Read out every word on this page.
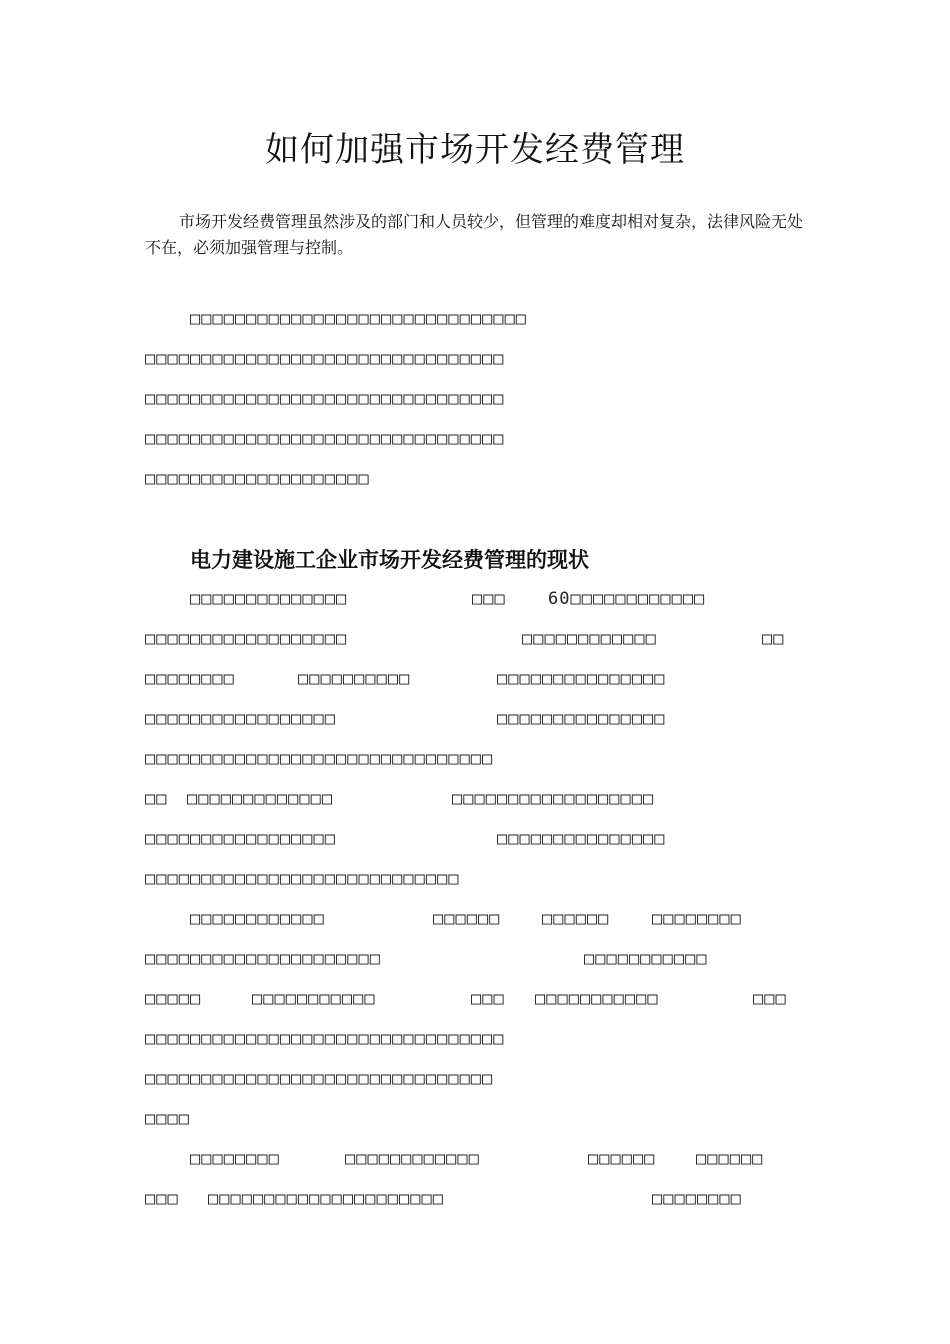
如何加强市场开发经费管理

市场开发经费管理虽然涉及的部门和人员较少，但管理的难度却相对复杂，法律风险无处不在，必须加强管理与控制。

□□□□□□□□□□□□□□□□□□□□□□□□□□□□□□
□□□□□□□□□□□□□□□□□□□□□□□□□□□□□□□□
□□□□□□□□□□□□□□□□□□□□□□□□□□□□□□□□
□□□□□□□□□□□□□□□□□□□□□□□□□□□□□□□□
□□□□□□□□□□□□□□□□□□□□
电力建设施工企业市场开发经费管理的现状
□□□□□□□□□□□□□□	□□□ 60□□□□□□□□□□□□
□□□□□□□□□□□□□□□□□□	□□□□□□□□□□□□	□□
□□□□□□□□	□□□□□□□□□□	□□□□□□□□□□□□□□□
□□□□□□□□□□□□□□□□□	□□□□□□□□□□□□□□□
□□□□□□□□□□□□□□□□□□□□□□□□□□□□□□□
□□ □□□□□□□□□□□□□	□□□□□□□□□□□□□□□□□□
□□□□□□□□□□□□□□□□□	□□□□□□□□□□□□□□□
□□□□□□□□□□□□□□□□□□□□□□□□□□□□
□□□□□□□□□□□□	□□□□□□ □□□□□□	□□□□□□□□
□□□□□□□□□□□□□□□□□□□□□	□□□□□□□□□□□
□□□□□	□□□□□□□□□□□	□□□ □□□□□□□□□□□	□□□
□□□□□□□□□□□□□□□□□□□□□□□□□□□□□□□□
□□□□□□□□□□□□□□□□□□□□□□□□□□□□□□□
□□□□
□□□□□□□□	□□□□□□□□□□□□	□□□□□□ □□□□□□
□□□ □□□□□□□□□□□□□□□□□□□□□	□□□□□□□□
